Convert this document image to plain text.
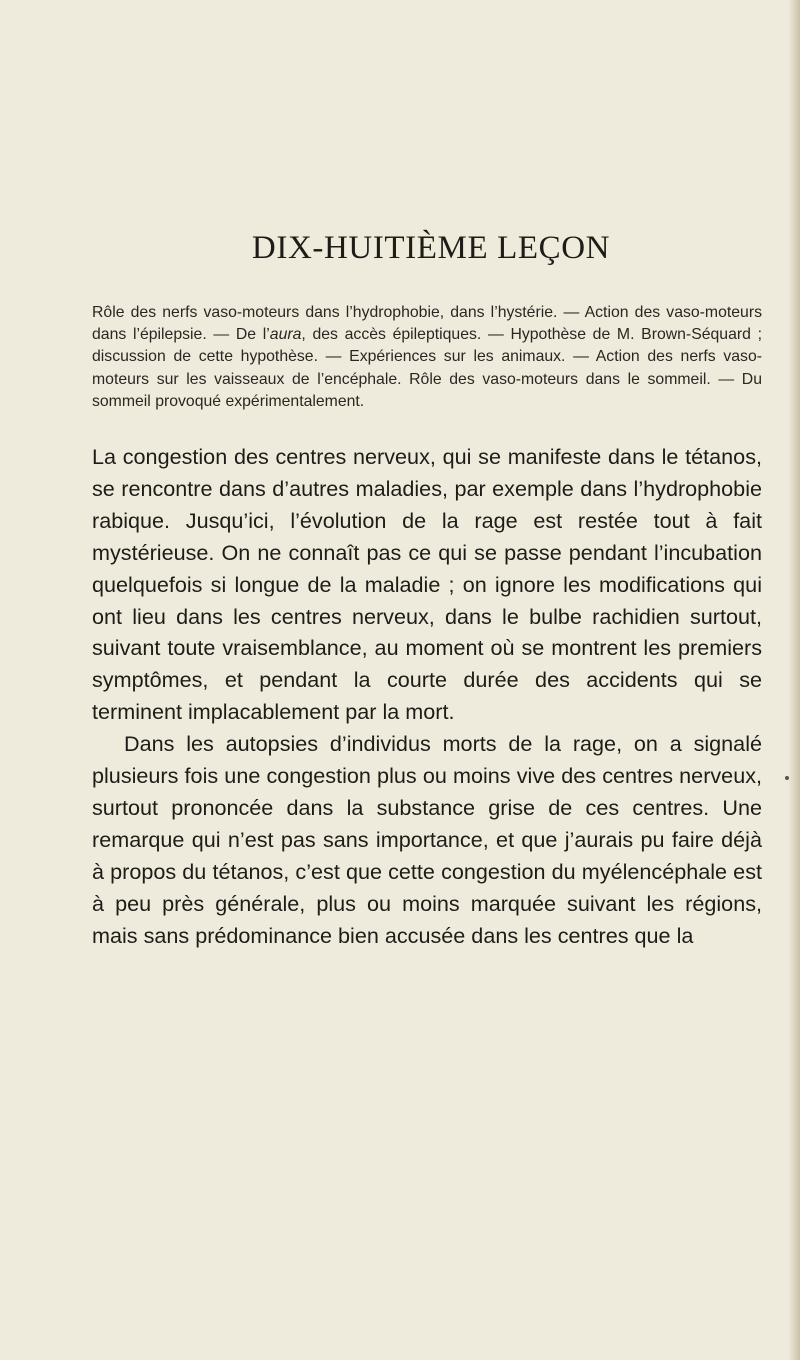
DIX-HUITIÈME LEÇON

Rôle des nerfs vaso-moteurs dans l’hydrophobie, dans l’hystérie. — Action des vaso-moteurs dans l’épilepsie. — De l’aura, des accès épileptiques. — Hypothèse de M. Brown-Séquard ; discussion de cette hypothèse. — Expériences sur les animaux. — Action des nerfs vaso-moteurs sur les vaisseaux de l’encéphale. Rôle des vaso-moteurs dans le sommeil. — Du sommeil provoqué expérimentalement.

La congestion des centres nerveux, qui se manifeste dans le tétanos, se rencontre dans d’autres maladies, par exemple dans l’hydrophobie rabique. Jusqu’ici, l’évolution de la rage est restée tout à fait mystérieuse. On ne connaît pas ce qui se passe pendant l’incubation quelquefois si longue de la maladie ; on ignore les modifications qui ont lieu dans les centres nerveux, dans le bulbe rachidien surtout, suivant toute vraisemblance, au moment où se montrent les premiers symptômes, et pendant la courte durée des accidents qui se terminent implacablement par la mort.

Dans les autopsies d’individus morts de la rage, on a signalé plusieurs fois une congestion plus ou moins vive des centres nerveux, surtout prononcée dans la substance grise de ces centres. Une remarque qui n’est pas sans importance, et que j’aurais pu faire déjà à propos du tétanos, c’est que cette congestion du myélencéphale est à peu près générale, plus ou moins marquée suivant les régions, mais sans prédominance bien accusée dans les centres que la
